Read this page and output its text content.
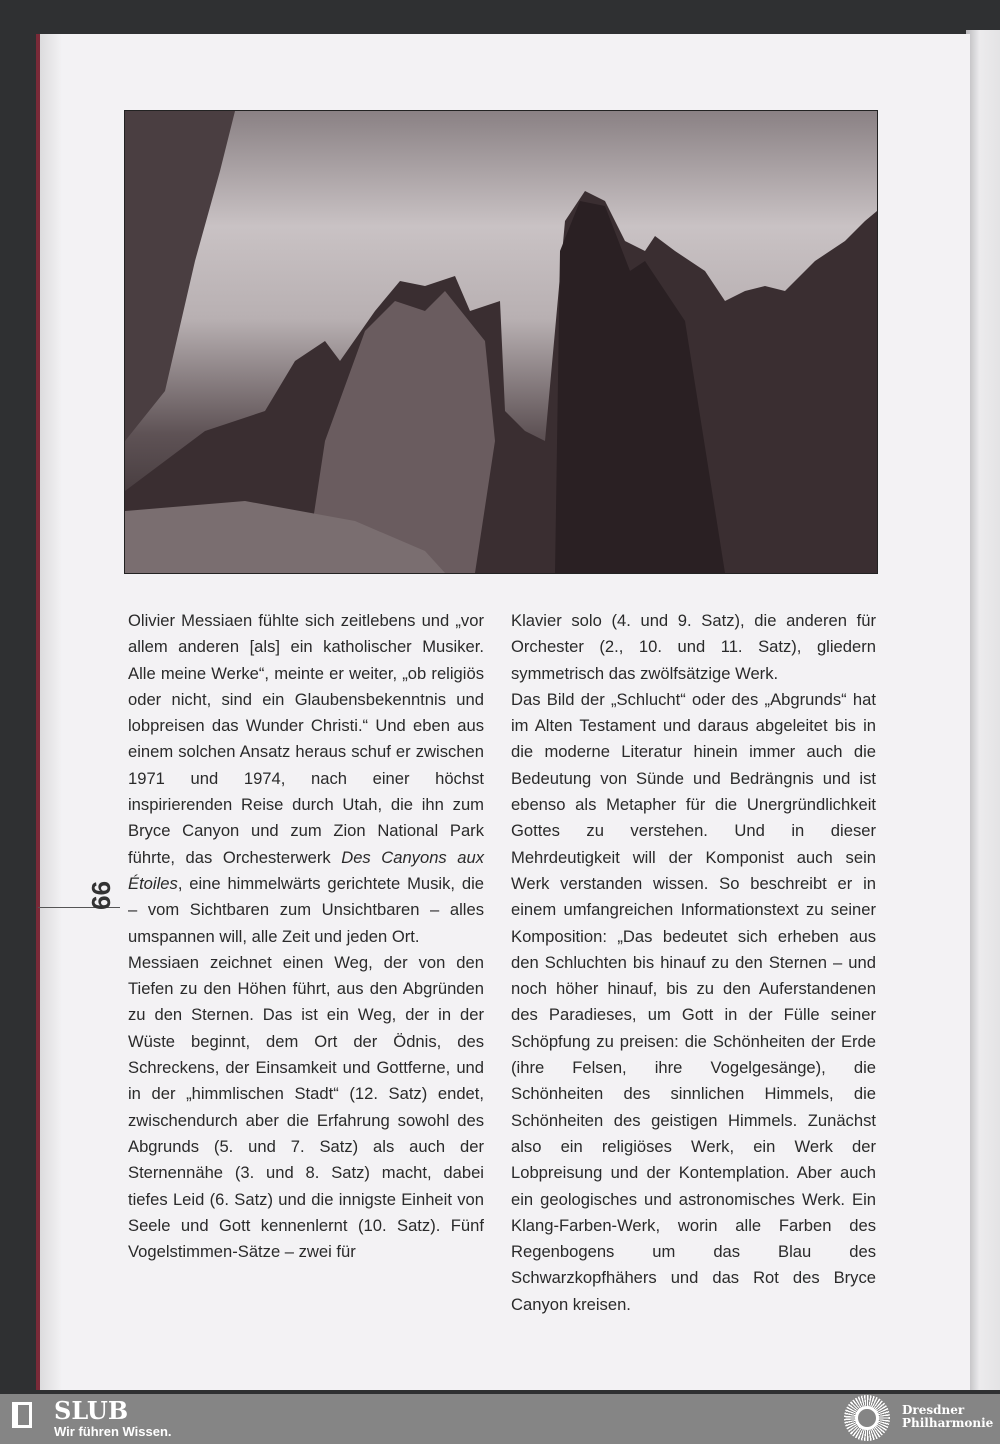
Olivier Messiaen fühlte sich zeitlebens und „vor allem anderen [als] ein katholischer Musiker. Alle meine Werke“, meinte er weiter, „ob religiös oder nicht, sind ein Glaubensbekenntnis und lobpreisen das Wunder Christi.“ Und eben aus einem solchen Ansatz heraus schuf er zwischen 1971 und 1974, nach einer höchst inspirierenden Reise durch Utah, die ihn zum Bryce Canyon und zum Zion National Park führte, das Orchesterwerk Des Canyons aux Étoiles, eine himmelwärts gerichtete Musik, die – vom Sichtbaren zum Unsichtbaren – alles umspannen will, alle Zeit und jeden Ort.

Messiaen zeichnet einen Weg, der von den Tiefen zu den Höhen führt, aus den Abgründen zu den Sternen. Das ist ein Weg, der in der Wüste beginnt, dem Ort der Ödnis, des Schreckens, der Einsamkeit und Gottferne, und in der „himmlischen Stadt“ (12. Satz) endet, zwischendurch aber die Erfahrung sowohl des Abgrunds (5. und 7. Satz) als auch der Sternennähe (3. und 8. Satz) macht, dabei tiefes Leid (6. Satz) und die innigste Einheit von Seele und Gott kennenlernt (10. Satz). Fünf Vogelstimmen-Sätze – zwei für

Klavier solo (4. und 9. Satz), die anderen für Orchester (2., 10. und 11. Satz), gliedern symmetrisch das zwölfsätzige Werk.

Das Bild der „Schlucht“ oder des „Abgrunds“ hat im Alten Testament und daraus abgeleitet bis in die moderne Literatur hinein immer auch die Bedeutung von Sünde und Bedrängnis und ist ebenso als Metapher für die Unergründlichkeit Gottes zu verstehen. Und in dieser Mehrdeutigkeit will der Komponist auch sein Werk verstanden wissen. So beschreibt er in einem umfangreichen Informationstext zu seiner Komposition: „Das bedeutet sich erheben aus den Schluchten bis hinauf zu den Sternen – und noch höher hinauf, bis zu den Auferstandenen des Paradieses, um Gott in der Fülle seiner Schöpfung zu preisen: die Schönheiten der Erde (ihre Felsen, ihre Vogelgesänge), die Schönheiten des sinnlichen Himmels, die Schönheiten des geistigen Himmels. Zunächst also ein religiöses Werk, ein Werk der Lobpreisung und der Kontemplation. Aber auch ein geologisches und astronomisches Werk. Ein Klang-Farben-Werk, worin alle Farben des Regenbogens um das Blau des Schwarzkopfhähers und das Rot des Bryce Canyon kreisen.

99
SLUB
Wir führen Wissen.
Dresdner
Philharmonie
